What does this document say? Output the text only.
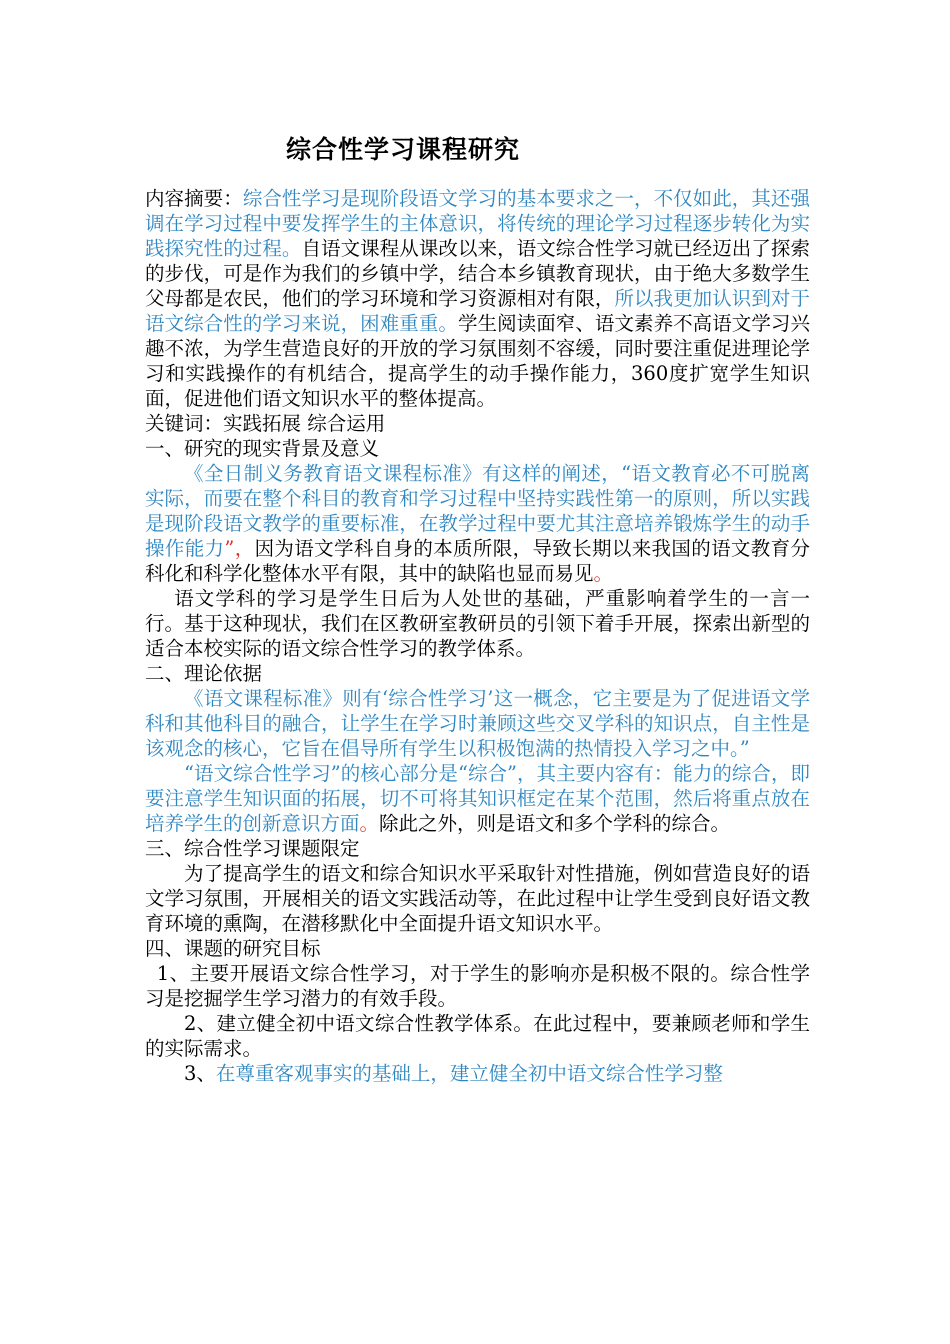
综合性学习课程研究

内容摘要：综合性学习是现阶段语文学习的基本要求之一，不仅如此，其还强调在学习过程中要发挥学生的主体意识，将传统的理论学习过程逐步转化为实践探究性的过程。自语文课程从课改以来，语文综合性学习就已经迈出了探索的步伐，可是作为我们的乡镇中学，结合本乡镇教育现状，由于绝大多数学生父母都是农民，他们的学习环境和学习资源相对有限，所以我更加认识到对于语文综合性的学习来说，困难重重。学生阅读面窄、语文素养不高语文学习兴趣不浓，为学生营造良好的开放的学习氛围刻不容缓，同时要注重促进理论学习和实践操作的有机结合，提高学生的动手操作能力，360度扩宽学生知识面，促进他们语文知识水平的整体提高。

关键词：实践拓展 综合运用

一、研究的现实背景及意义

《全日制义务教育语文课程标准》有这样的阐述，“语文教育必不可脱离实际，而要在整个科目的教育和学习过程中坚持实践性第一的原则，所以实践是现阶段语文教学的重要标准，在教学过程中要尤其注意培养锻炼学生的动手操作能力”，因为语文学科自身的本质所限，导致长期以来我国的语文教育分科化和科学化整体水平有限，其中的缺陷也显而易见。

语文学科的学习是学生日后为人处世的基础，严重影响着学生的一言一行。基于这种现状，我们在区教研室教研员的引领下着手开展，探索出新型的适合本校实际的语文综合性学习的教学体系。

二、理论依据

《语文课程标准》则有‘综合性学习’这一概念，它主要是为了促进语文学科和其他科目的融合，让学生在学习时兼顾这些交叉学科的知识点，自主性是该观念的核心，它旨在倡导所有学生以积极饱满的热情投入学习之中。”

“语文综合性学习”的核心部分是“综合”，其主要内容有：能力的综合，即要注意学生知识面的拓展，切不可将其知识框定在某个范围，然后将重点放在培养学生的创新意识方面。除此之外，则是语文和多个学科的综合。

三、综合性学习课题限定

为了提高学生的语文和综合知识水平采取针对性措施，例如营造良好的语文学习氛围，开展相关的语文实践活动等，在此过程中让学生受到良好语文教育环境的熏陶，在潜移默化中全面提升语文知识水平。

四、课题的研究目标

1、主要开展语文综合性学习，对于学生的影响亦是积极不限的。综合性学习是挖掘学生学习潜力的有效手段。

2、建立健全初中语文综合性教学体系。在此过程中，要兼顾老师和学生的实际需求。

3、在尊重客观事实的基础上，建立健全初中语文综合性学习整
